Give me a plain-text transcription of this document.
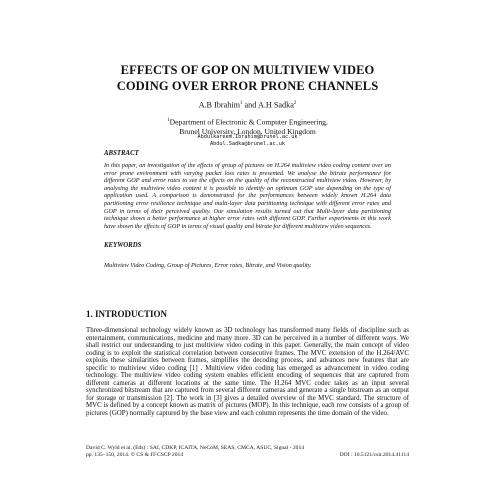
EFFECTS OF GOP ON MULTIVIEW VIDEO
CODING OVER ERROR PRONE CHANNELS
A.B Ibrahim$^1$ and A.H Sadka$^2$
$^1$Department of Electronic & Computer Engineering,
Brunel University, London, United Kingdom
Abdulkareem.Ibrahim@brunel.ac.uk
Abdul.Sadka@brunel.ac.uk
ABSTRACT
In this paper, an investigation of the effects of group of pictures on H.264 multiview video coding content over an error prone environment with varying packet loss rates is presented. We analyse the bitrate performance for different GOP and error rates to see the effects on the quality of the reconstructed multiview video. However, by analysing the multiview video content it is possible to identify an optimum GOP size depending on the type of application used. A comparison is demonstrated for the performances between widely known H.264 data partitioning error resilience technique and multi-layer data partitioning technique with different error rates and GOP in terms of their perceived quality. Our simulation results turned out that Multi-layer data partitioning technique shows a better performance at higher error rates with different GOP. Further experiments in this work have shown the effects of GOP in terms of visual quality and bitrate for different multiview video sequences.
KEYWORDS
Multiview Video Coding, Group of Pictures, Error rates, Bitrate, and Vision quality.
1. INTRODUCTION
Three-dimensional technology widely known as 3D technology has transformed many fields of discipline such as entertainment, communications, medicine and many more. 3D can be perceived in a number of different ways. We shall restrict our understanding to just multiview video coding in this paper. Generally, the main concept of video coding is to exploit the statistical correlation between consecutive frames. The MVC extension of the H.264/AVC exploits these similarities between frames, simplifies the decoding process, and advances new features that are specific to multiview video coding [1] . Multiview video coding has emerged as advancement in video coding technology. The multiview video coding system enables efficient encoding of sequences that are captured from different cameras at different locations at the same time. The H.264 MVC codec takes as an input several synchronized bitstream that are captured from several different cameras and generate a single bitstream as an output for storage or transmission [2]. The work in [3] gives a detailed overview of the MVC standard. The structure of MVC is defined by a concept known as matrix of pictures (MOP). In this technique, each row consists of a group of pictures (GOP) normally captured by the base view and each column represents the time domain of the video.
David C. Wyld et al. (Eds) : SAI, CDKP, ICAITA, NeCoM, SEAS, CMCA, ASUC, Signal - 2014
pp. 135–150, 2014. © CS & IT-CSCP 2014	DOI : 10.5121/csit.2014.41114
